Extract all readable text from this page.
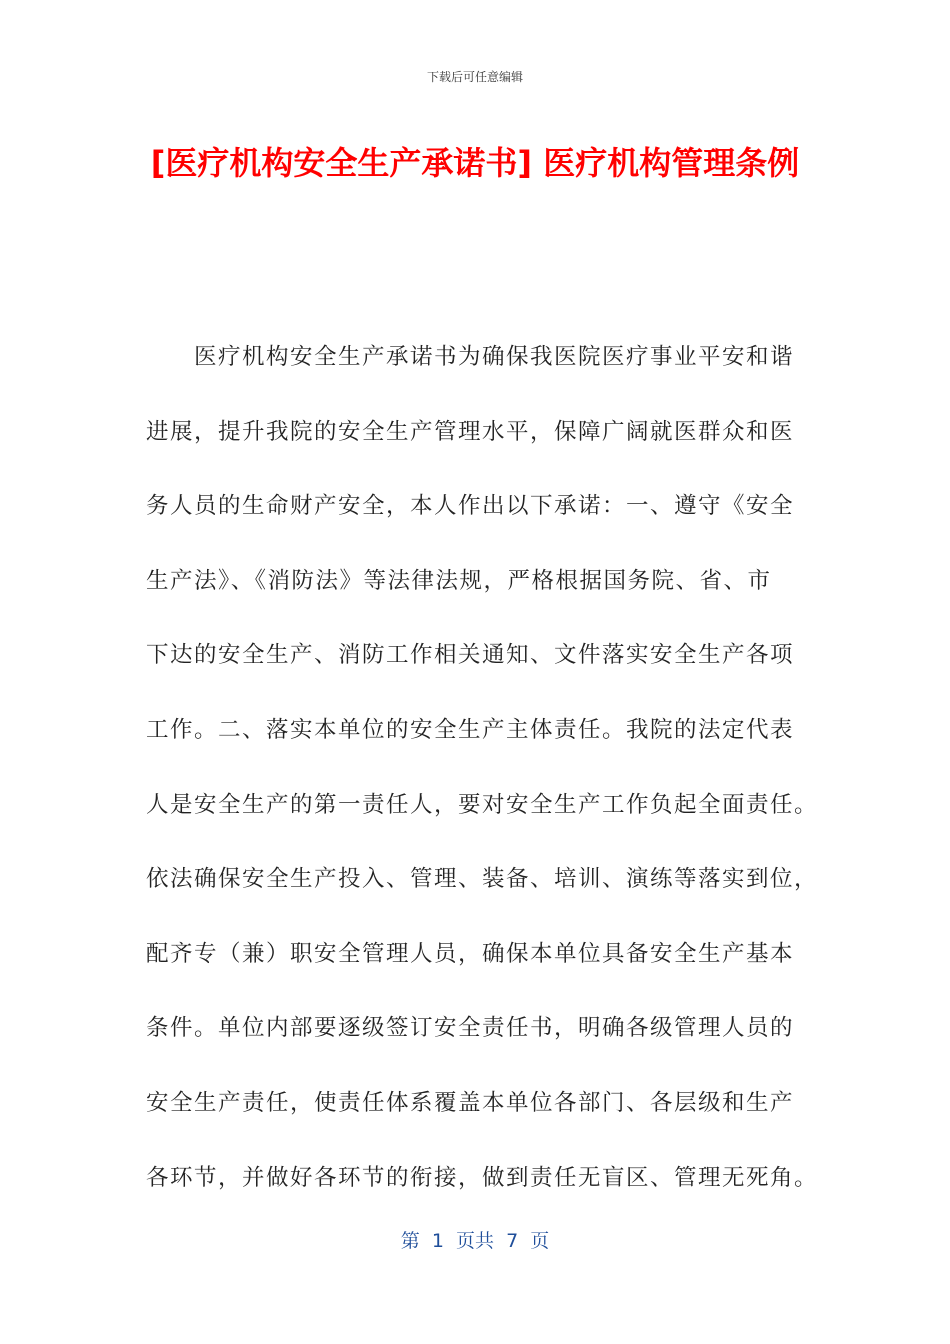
下载后可任意编辑
[医疗机构安全生产承诺书] 医疗机构管理条例
　　医疗机构安全生产承诺书为确保我医院医疗事业平安和谐
进展，提升我院的安全生产管理水平，保障广阔就医群众和医
务人员的生命财产安全，本人作出以下承诺：一、遵守《安全
生产法》、《消防法》等法律法规，严格根据国务院、省、市
下达的安全生产、消防工作相关通知、文件落实安全生产各项
工作。二、落实本单位的安全生产主体责任。我院的法定代表
人是安全生产的第一责任人，要对安全生产工作负起全面责任。
依法确保安全生产投入、管理、装备、培训、演练等落实到位，
配齐专（兼）职安全管理人员，确保本单位具备安全生产基本
条件。单位内部要逐级签订安全责任书，明确各级管理人员的
安全生产责任，使责任体系覆盖本单位各部门、各层级和生产
各环节，并做好各环节的衔接，做到责任无盲区、管理无死角。
第  1  页共  7  页
